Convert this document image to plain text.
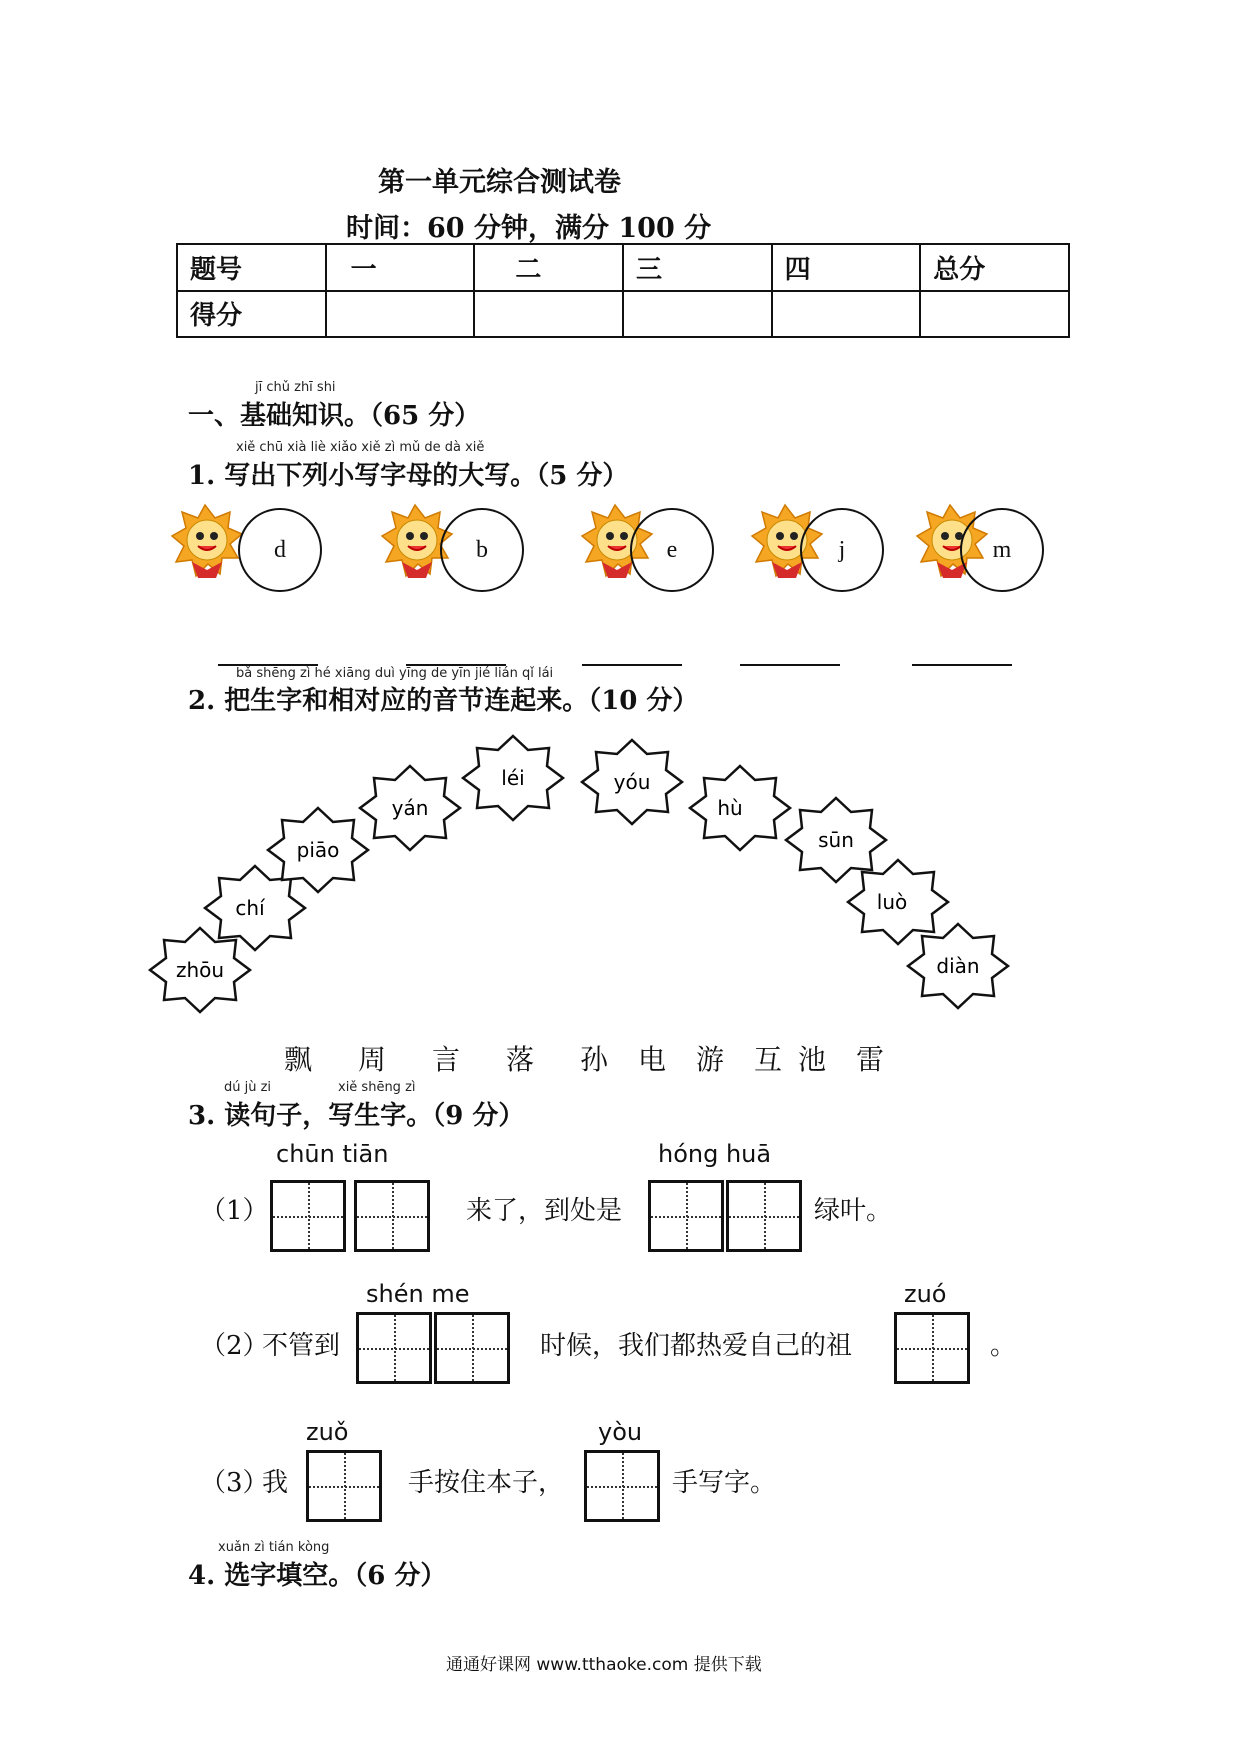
第一单元综合测试卷
时间：60 分钟，满分 100 分
题号	一	二	三	四	总分
得分					
jī chǔ zhī shi
一、基础知识。（65 分）
xiě chū xià liè xiǎo xiě zì mǔ de dà xiě
1. 写出下列小写字母的大写。（5 分）
d	b	e	j	m
bǎ shēng zì hé xiāng duì yīng de yīn jié lián qǐ lái
2. 把生字和相对应的音节连起来。（10 分）
zhōu
chí
piāo
yán
léi	yóu
hù
sūn
luò
diàn
飘 周 言 落 孙 电 游 互 池 雷
dú jù zi	xiě shēng zì
3. 读句子，写生字。（9 分）
chūn tiān	hóng huā
（1）	来了，到处是	绿叶。
shén me	zuó
（2）
不管到	时候，我们都热爱自己的祖	。
zuǒ	yòu
（3）
我	手按住本子，	手写字。
xuǎn zì tián kòng
4. 选字填空。（6 分）
通通好课网 www.tthaoke.com 提供下载
